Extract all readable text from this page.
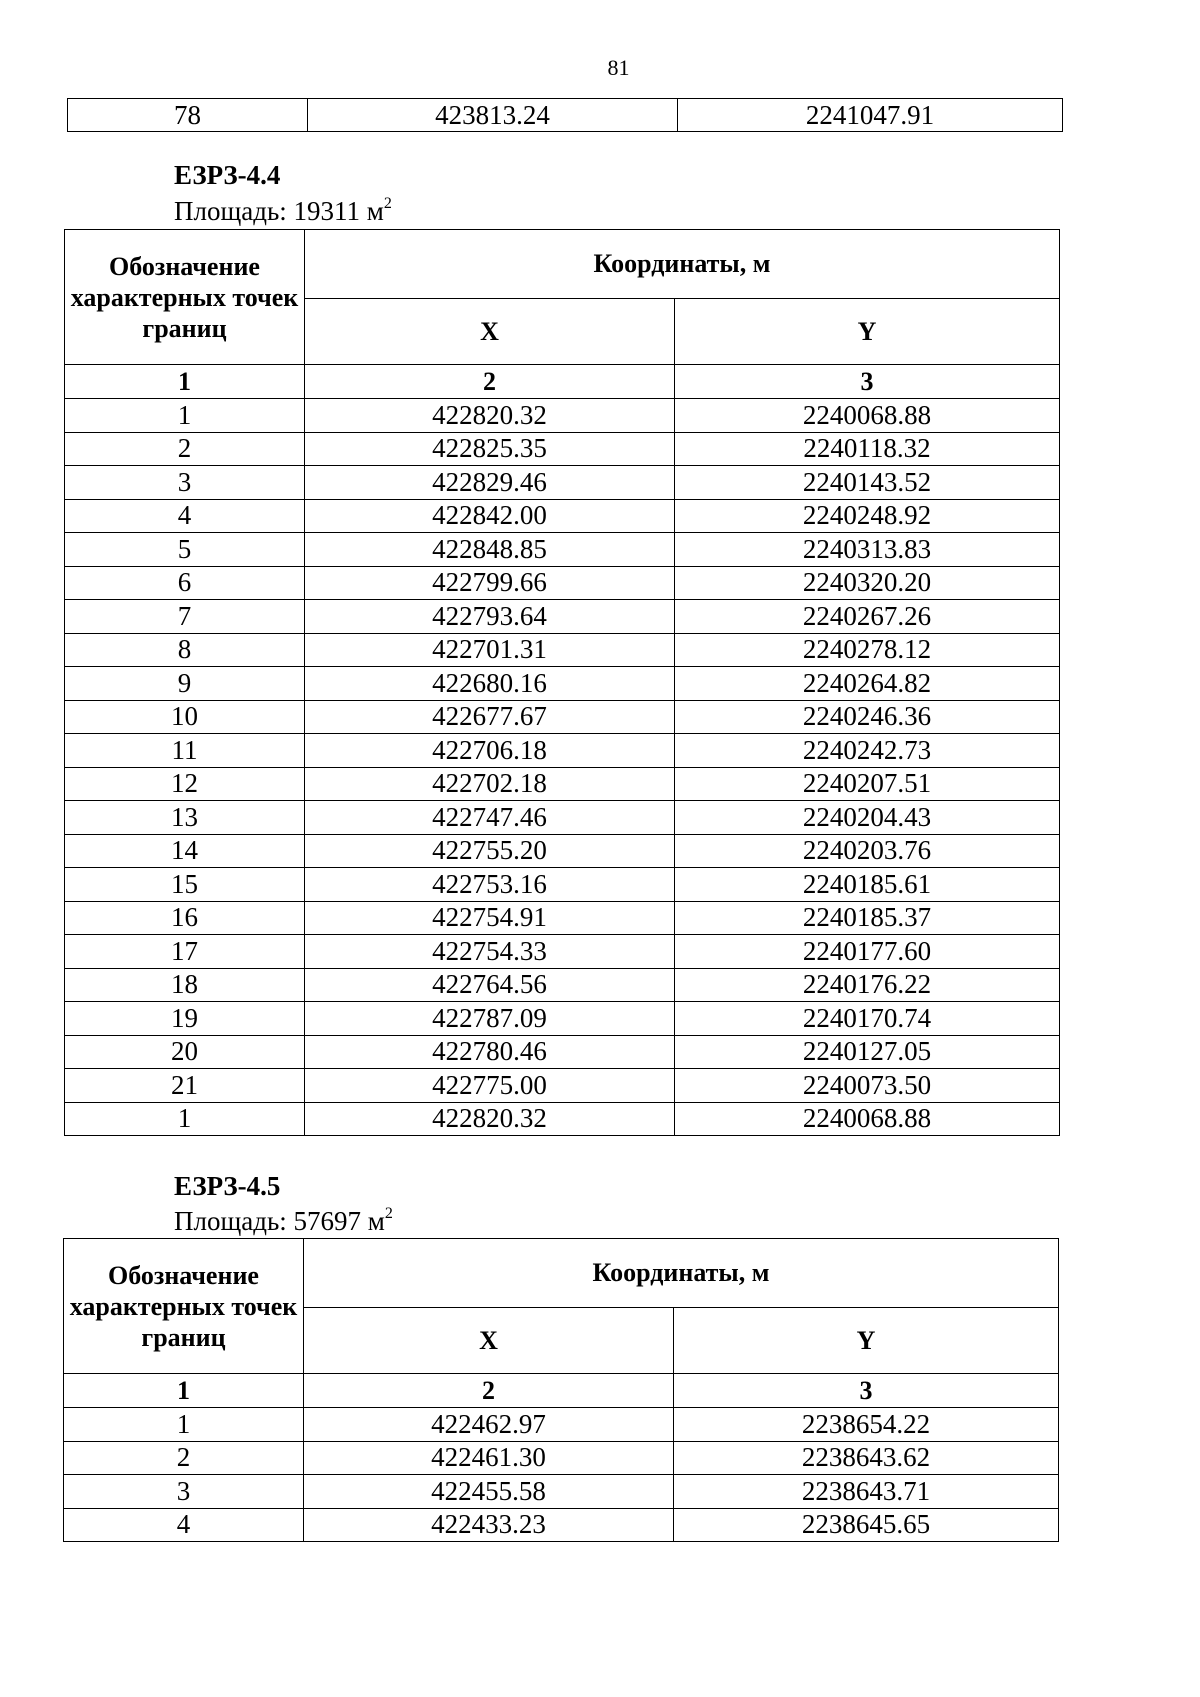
81
78	423813.24	2241047.91
ЕЗРЗ-4.4
Площадь: 19311 $м^2$
Обозначение характерных точек границ	Координаты, м	
	X	Y
1	2	3
1	422820.32	2240068.88
2	422825.35	2240118.32
3	422829.46	2240143.52
4	422842.00	2240248.92
5	422848.85	2240313.83
6	422799.66	2240320.20
7	422793.64	2240267.26
8	422701.31	2240278.12
9	422680.16	2240264.82
10	422677.67	2240246.36
11	422706.18	2240242.73
12	422702.18	2240207.51
13	422747.46	2240204.43
14	422755.20	2240203.76
15	422753.16	2240185.61
16	422754.91	2240185.37
17	422754.33	2240177.60
18	422764.56	2240176.22
19	422787.09	2240170.74
20	422780.46	2240127.05
21	422775.00	2240073.50
1	422820.32	2240068.88
ЕЗРЗ-4.5
Площадь: 57697 $м^2$
Обозначение характерных точек границ	Координаты, м	
	X	Y
1	2	3
1	422462.97	2238654.22
2	422461.30	2238643.62
3	422455.58	2238643.71
4	422433.23	2238645.65
